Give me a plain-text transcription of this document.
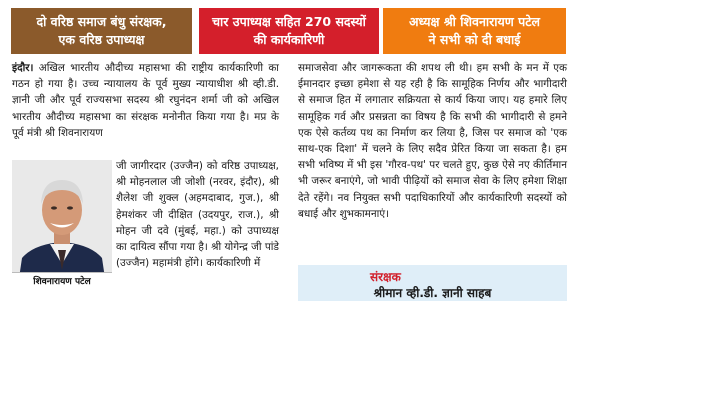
दो वरिष्ठ समाज बंधु संरक्षक,
एक वरिष्ठ उपाध्यक्ष
चार उपाध्यक्ष सहित 270 सदस्यों
की कार्यकारिणी
अध्यक्ष श्री शिवनारायण पटेल
ने सभी को दी बधाई

इंदौर। अखिल भारतीय औदीच्य महासभा की राष्ट्रीय कार्यकारिणी का गठन हो गया है। उच्च न्यायालय के पूर्व मुख्य न्यायाधीश श्री व्ही.डी. ज्ञानी जी और पूर्व राज्यसभा सदस्य श्री रघुनंदन शर्मा जी को अखिल भारतीय औदीच्य महासभा का संरक्षक मनोनीत किया गया है। मप्र के पूर्व मंत्री श्री शिवनारायण

शिवनारायण पटेल

जी जागीरदार (उज्जैन) को वरिष्ठ उपाध्यक्ष, श्री मोहनलाल जी जोशी (नरवर, इंदौर), श्री शैलेश जी शुक्ल (अहमदाबाद, गुज.), श्री हेमशंकर जी दीक्षित (उदयपुर, राज.), श्री मोहन जी दवे (मुंबई, महा.) को उपाध्यक्ष का दायित्व सौंपा गया है। श्री योगेन्द्र जी पांडे (उज्जैन) महामंत्री होंगे। कार्यकारिणी में

समाजसेवा और जागरूकता की शपथ ली थी। हम सभी के मन में एक ईमानदार इच्छा हमेशा से यह रही है कि सामूहिक निर्णय और भागीदारी से समाज हित में लगातार सक्रियता से कार्य किया जाए। यह हमारे लिए सामूहिक गर्व और प्रसन्नता का विषय है कि सभी की भागीदारी से हमने एक ऐसे कर्तव्य पथ का निर्माण कर लिया है, जिस पर समाज को 'एक साथ-एक दिशा' में चलने के लिए सदैव प्रेरित किया जा सकता है। हम सभी भविष्य में भी इस 'गौरव-पथ' पर चलते हुए, कुछ ऐसे नए कीर्तिमान भी जरूर बनाएंगे, जो भावी पीढ़ियों को समाज सेवा के लिए हमेशा शिक्षा देते रहेंगे। नव नियुक्त सभी पदाधिकारियों और कार्यकारिणी सदस्यों को बधाई और शुभकामनाएं।

संरक्षक
श्रीमान व्ही.डी. ज्ञानी साहब
